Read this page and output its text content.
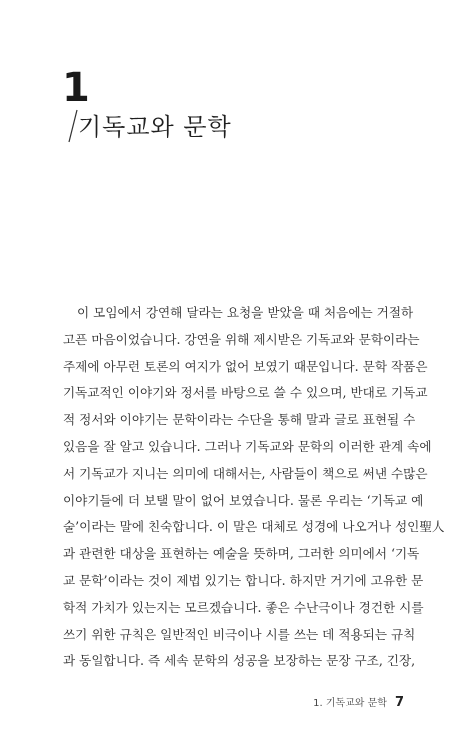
1
기독교와 문학
이 모임에서 강연해 달라는 요청을 받았을 때 처음에는 거절하
고픈 마음이었습니다. 강연을 위해 제시받은 기독교와 문학이라는
주제에 아무런 토론의 여지가 없어 보였기 때문입니다. 문학 작품은
기독교적인 이야기와 정서를 바탕으로 쓸 수 있으며, 반대로 기독교
적 정서와 이야기는 문학이라는 수단을 통해 말과 글로 표현될 수
있음을 잘 알고 있습니다. 그러나 기독교와 문학의 이러한 관계 속에
서 기독교가 지니는 의미에 대해서는, 사람들이 책으로 써낸 수많은
이야기들에 더 보탤 말이 없어 보였습니다. 물론 우리는 ‘기독교 예
술’이라는 말에 친숙합니다. 이 말은 대체로 성경에 나오거나 성인聖人
과 관련한 대상을 표현하는 예술을 뜻하며, 그러한 의미에서 ‘기독
교 문학’이라는 것이 제법 있기는 합니다. 하지만 거기에 고유한 문
학적 가치가 있는지는 모르겠습니다. 좋은 수난극이나 경건한 시를
쓰기 위한 규칙은 일반적인 비극이나 시를 쓰는 데 적용되는 규칙
과 동일합니다. 즉 세속 문학의 성공을 보장하는 문장 구조, 긴장,
1. 기독교와 문학 7
